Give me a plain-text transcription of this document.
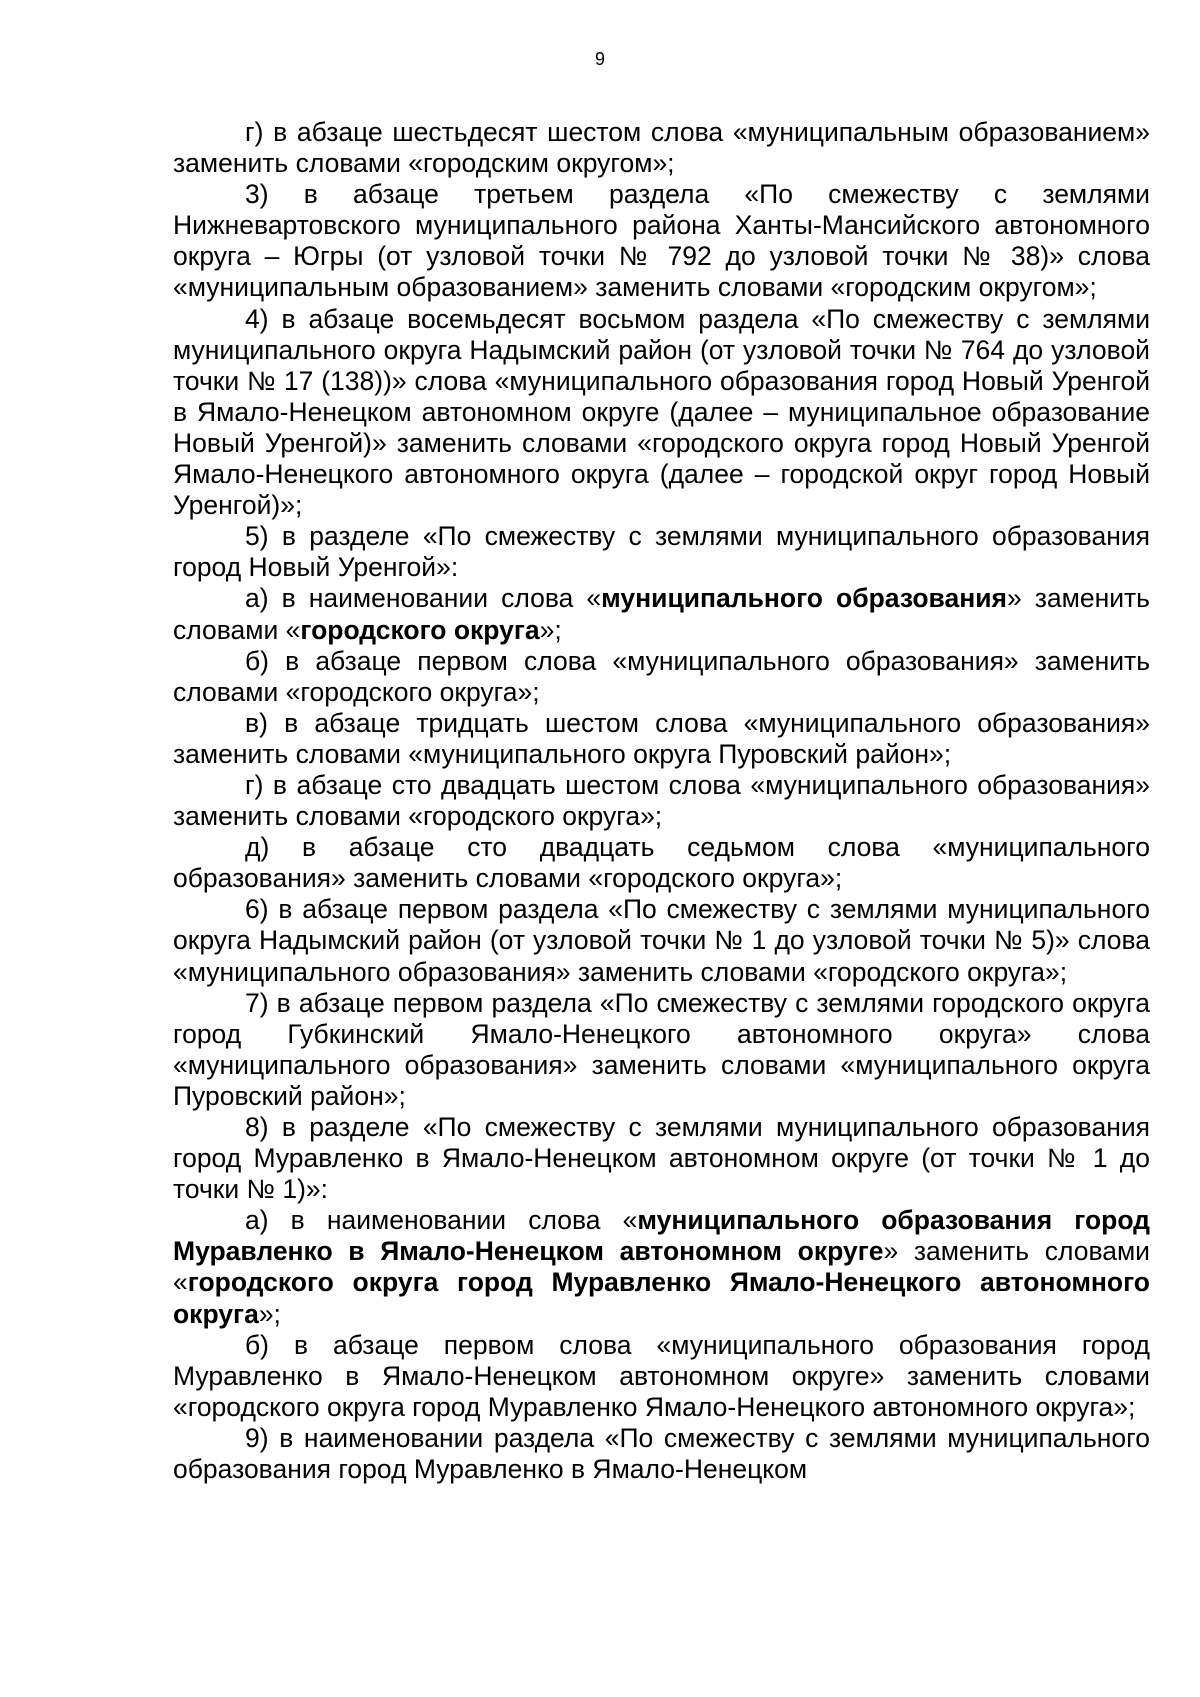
9

г) в абзаце шестьдесят шестом слова «муниципальным образованием» заменить словами «городским округом»;

3) в абзаце третьем раздела «По смежеству с землями Нижневартовского муниципального района Ханты-Мансийского автономного округа – Югры (от узловой точки № 792 до узловой точки № 38)» слова «муниципальным образованием» заменить словами «городским округом»;

4) в абзаце восемьдесят восьмом раздела «По смежеству с землями муниципального округа Надымский район (от узловой точки № 764 до узловой точки № 17 (138))» слова «муниципального образования город Новый Уренгой в Ямало-Ненецком автономном округе (далее – муниципальное образование Новый Уренгой)» заменить словами «городского округа город Новый Уренгой Ямало-Ненецкого автономного округа (далее – городской округ город Новый Уренгой)»;

5) в разделе «По смежеству с землями муниципального образования город Новый Уренгой»:

а) в наименовании слова «муниципального образования» заменить словами «городского округа»;

б) в абзаце первом слова «муниципального образования» заменить словами «городского округа»;

в) в абзаце тридцать шестом слова «муниципального образования» заменить словами «муниципального округа Пуровский район»;

г) в абзаце сто двадцать шестом слова «муниципального образования» заменить словами «городского округа»;

д) в абзаце сто двадцать седьмом слова «муниципального образования» заменить словами «городского округа»;

6) в абзаце первом раздела «По смежеству с землями муниципального округа Надымский район (от узловой точки № 1 до узловой точки № 5)» слова «муниципального образования» заменить словами «городского округа»;

7) в абзаце первом раздела «По смежеству с землями городского округа город Губкинский Ямало-Ненецкого автономного округа» слова «муниципального образования» заменить словами «муниципального округа Пуровский район»;

8) в разделе «По смежеству с землями муниципального образования город Муравленко в Ямало-Ненецком автономном округе (от точки № 1 до точки № 1)»:

а) в наименовании слова «муниципального образования город Муравленко в Ямало-Ненецком автономном округе» заменить словами «городского округа город Муравленко Ямало-Ненецкого автономного округа»;

б) в абзаце первом слова «муниципального образования город Муравленко в Ямало-Ненецком автономном округе» заменить словами «городского округа город Муравленко Ямало-Ненецкого автономного округа»;

9) в наименовании раздела «По смежеству с землями муниципального образования город Муравленко в Ямало-Ненецком
